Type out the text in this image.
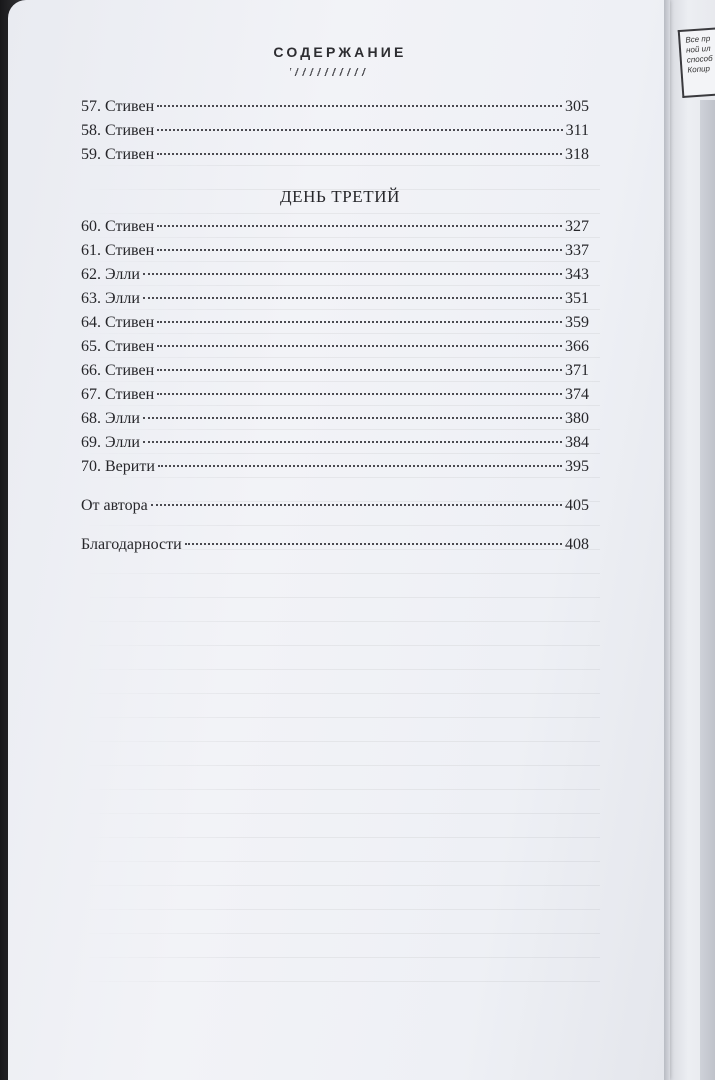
Все пр
ной ил
способ
Копир
СОДЕРЖАНИЕ
57. Стивен	305
58. Стивен	311
59. Стивен	318
ДЕНЬ ТРЕТИЙ
60. Стивен	327
61. Стивен	337
62. Элли	343
63. Элли	351
64. Стивен	359
65. Стивен	366
66. Стивен	371
67. Стивен	374
68. Элли	380
69. Элли	384
70. Верити	395
От автора	405
Благодарности	408
